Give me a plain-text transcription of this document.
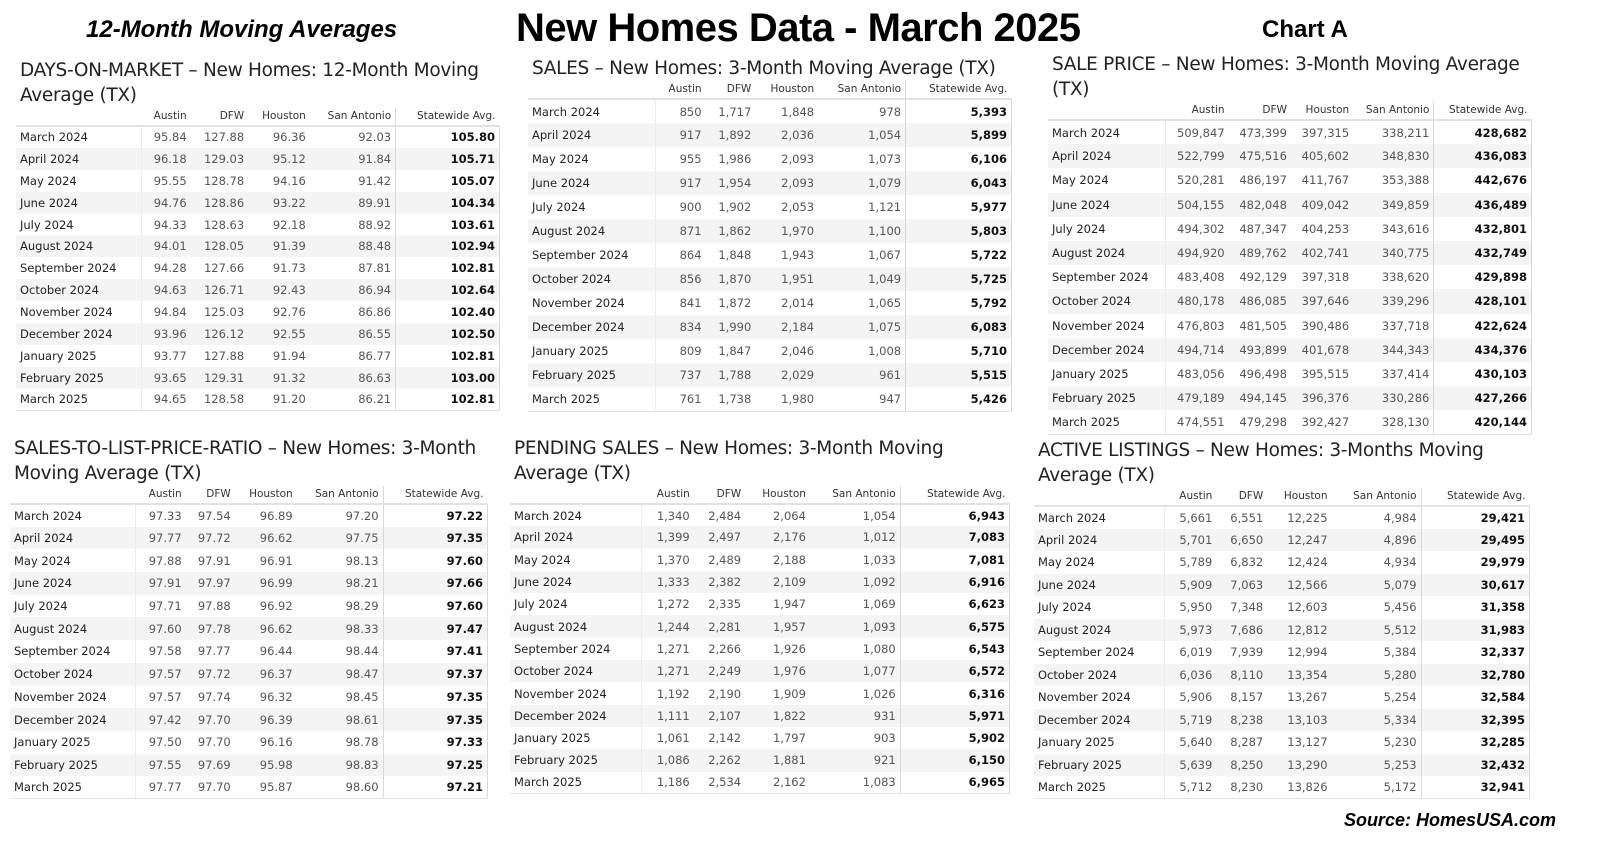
12-Month Moving Averages	New Homes Data - March 2025	Chart A
DAYS-ON-MARKET – New Homes: 12-Month Moving Average (TX)
	Austin	DFW	Houston	San Antonio	Statewide Avg.
March 2024	95.84	127.88	96.36	92.03	105.80
April 2024	96.18	129.03	95.12	91.84	105.71
May 2024	95.55	128.78	94.16	91.42	105.07
June 2024	94.76	128.86	93.22	89.91	104.34
July 2024	94.33	128.63	92.18	88.92	103.61
August 2024	94.01	128.05	91.39	88.48	102.94
September 2024	94.28	127.66	91.73	87.81	102.81
October 2024	94.63	126.71	92.43	86.94	102.64
November 2024	94.84	125.03	92.76	86.86	102.40
December 2024	93.96	126.12	92.55	86.55	102.50
January 2025	93.77	127.88	91.94	86.77	102.81
February 2025	93.65	129.31	91.32	86.63	103.00
March 2025	94.65	128.58	91.20	86.21	102.81
SALES – New Homes: 3-Month Moving Average (TX)
	Austin	DFW	Houston	San Antonio	Statewide Avg.
March 2024	850	1,717	1,848	978	5,393
April 2024	917	1,892	2,036	1,054	5,899
May 2024	955	1,986	2,093	1,073	6,106
June 2024	917	1,954	2,093	1,079	6,043
July 2024	900	1,902	2,053	1,121	5,977
August 2024	871	1,862	1,970	1,100	5,803
September 2024	864	1,848	1,943	1,067	5,722
October 2024	856	1,870	1,951	1,049	5,725
November 2024	841	1,872	2,014	1,065	5,792
December 2024	834	1,990	2,184	1,075	6,083
January 2025	809	1,847	2,046	1,008	5,710
February 2025	737	1,788	2,029	961	5,515
March 2025	761	1,738	1,980	947	5,426
SALE PRICE – New Homes: 3-Month Moving Average (TX)
	Austin	DFW	Houston	San Antonio	Statewide Avg.
March 2024	509,847	473,399	397,315	338,211	428,682
April 2024	522,799	475,516	405,602	348,830	436,083
May 2024	520,281	486,197	411,767	353,388	442,676
June 2024	504,155	482,048	409,042	349,859	436,489
July 2024	494,302	487,347	404,253	343,616	432,801
August 2024	494,920	489,762	402,741	340,775	432,749
September 2024	483,408	492,129	397,318	338,620	429,898
October 2024	480,178	486,085	397,646	339,296	428,101
November 2024	476,803	481,505	390,486	337,718	422,624
December 2024	494,714	493,899	401,678	344,343	434,376
January 2025	483,056	496,498	395,515	337,414	430,103
February 2025	479,189	494,145	396,376	330,286	427,266
March 2025	474,551	479,298	392,427	328,130	420,144
SALES-TO-LIST-PRICE-RATIO – New Homes: 3-Month Moving Average (TX)
	Austin	DFW	Houston	San Antonio	Statewide Avg.
March 2024	97.33	97.54	96.89	97.20	97.22
April 2024	97.77	97.72	96.62	97.75	97.35
May 2024	97.88	97.91	96.91	98.13	97.60
June 2024	97.91	97.97	96.99	98.21	97.66
July 2024	97.71	97.88	96.92	98.29	97.60
August 2024	97.60	97.78	96.62	98.33	97.47
September 2024	97.58	97.77	96.44	98.44	97.41
October 2024	97.57	97.72	96.37	98.47	97.37
November 2024	97.57	97.74	96.32	98.45	97.35
December 2024	97.42	97.70	96.39	98.61	97.35
January 2025	97.50	97.70	96.16	98.78	97.33
February 2025	97.55	97.69	95.98	98.83	97.25
March 2025	97.77	97.70	95.87	98.60	97.21
PENDING SALES – New Homes: 3-Month Moving Average (TX)
	Austin	DFW	Houston	San Antonio	Statewide Avg.
March 2024	1,340	2,484	2,064	1,054	6,943
April 2024	1,399	2,497	2,176	1,012	7,083
May 2024	1,370	2,489	2,188	1,033	7,081
June 2024	1,333	2,382	2,109	1,092	6,916
July 2024	1,272	2,335	1,947	1,069	6,623
August 2024	1,244	2,281	1,957	1,093	6,575
September 2024	1,271	2,266	1,926	1,080	6,543
October 2024	1,271	2,249	1,976	1,077	6,572
November 2024	1,192	2,190	1,909	1,026	6,316
December 2024	1,111	2,107	1,822	931	5,971
January 2025	1,061	2,142	1,797	903	5,902
February 2025	1,086	2,262	1,881	921	6,150
March 2025	1,186	2,534	2,162	1,083	6,965
ACTIVE LISTINGS – New Homes: 3-Months Moving Average (TX)
	Austin	DFW	Houston	San Antonio	Statewide Avg.
March 2024	5,661	6,551	12,225	4,984	29,421
April 2024	5,701	6,650	12,247	4,896	29,495
May 2024	5,789	6,832	12,424	4,934	29,979
June 2024	5,909	7,063	12,566	5,079	30,617
July 2024	5,950	7,348	12,603	5,456	31,358
August 2024	5,973	7,686	12,812	5,512	31,983
September 2024	6,019	7,939	12,994	5,384	32,337
October 2024	6,036	8,110	13,354	5,280	32,780
November 2024	5,906	8,157	13,267	5,254	32,584
December 2024	5,719	8,238	13,103	5,334	32,395
January 2025	5,640	8,287	13,127	5,230	32,285
February 2025	5,639	8,250	13,290	5,253	32,432
March 2025	5,712	8,230	13,826	5,172	32,941
Source: HomesUSA.com
